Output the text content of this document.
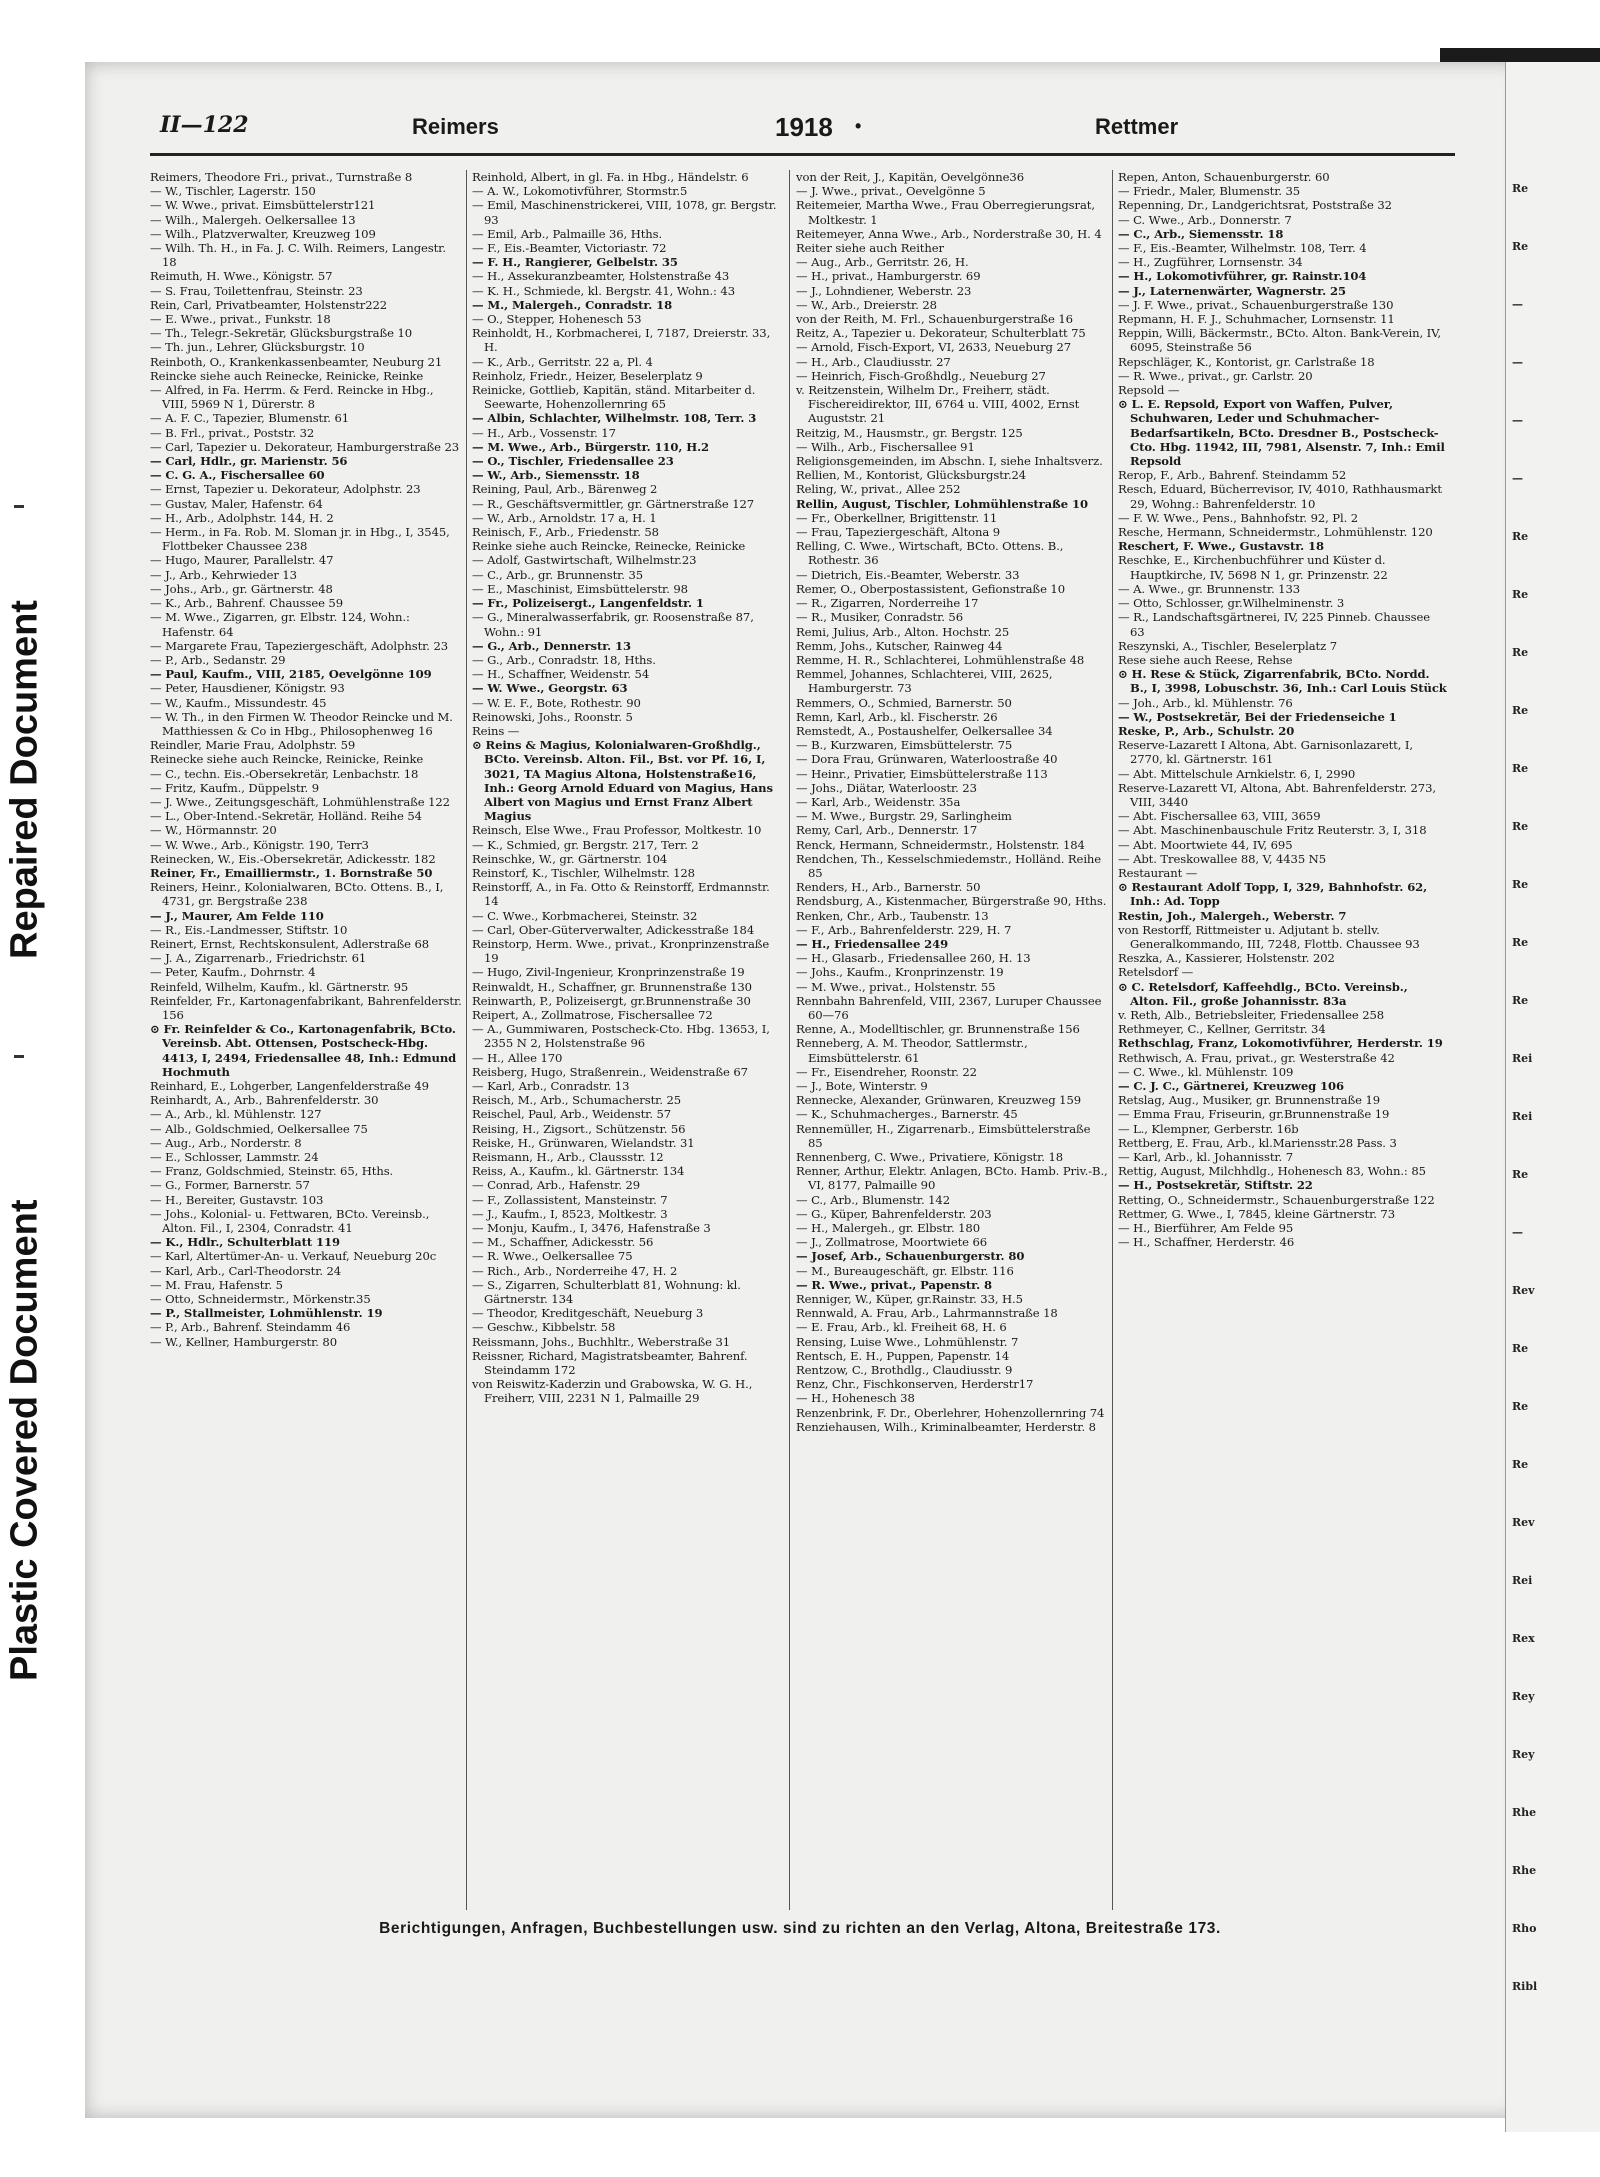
Repaired Document
Plastic Covered Document
Re
Re
—
—
—
—
Re
Re
Re
Re
Re
Re
Re
Re
Re
Rei
Rei
Re
—
Rev
Re
Re
Re
Rev
Rei
Rex
Rey
Rey
Rhe
Rhe
Rho
Ribl
II—122	Reimers	1918 •	Rettmer

Reimers, Theodore Fri., privat., Turnstraße 8

— W., Tischler, Lagerstr. 150

— W. Wwe., privat. Eimsbüttelerstr121

— Wilh., Malergeh. Oelkersallee 13

— Wilh., Platzverwalter, Kreuzweg 109

— Wilh. Th. H., in Fa. J. C. Wilh. Reimers, Langestr. 18

Reimuth, H. Wwe., Königstr. 57

— S. Frau, Toilettenfrau, Steinstr. 23

Rein, Carl, Privatbeamter, Holstenstr222

— E. Wwe., privat., Funkstr. 18

— Th., Telegr.-Sekretär, Glücksburgstraße 10

— Th. jun., Lehrer, Glücksburgstr. 10

Reinboth, O., Krankenkassenbeamter, Neuburg 21

Reincke siehe auch Reinecke, Reinicke, Reinke

— Alfred, in Fa. Herrm. & Ferd. Reincke in Hbg., VIII, 5969 N 1, Dürerstr. 8

— A. F. C., Tapezier, Blumenstr. 61

— B. Frl., privat., Poststr. 32

— Carl, Tapezier u. Dekorateur, Hamburgerstraße 23

— Carl, Hdlr., gr. Marienstr. 56

— C. G. A., Fischersallee 60

— Ernst, Tapezier u. Dekorateur, Adolphstr. 23

— Gustav, Maler, Hafenstr. 64

— H., Arb., Adolphstr. 144, H. 2

— Herm., in Fa. Rob. M. Sloman jr. in Hbg., I, 3545, Flottbeker Chaussee 238

— Hugo, Maurer, Parallelstr. 47

— J., Arb., Kehrwieder 13

— Johs., Arb., gr. Gärtnerstr. 48

— K., Arb., Bahrenf. Chaussee 59

— M. Wwe., Zigarren, gr. Elbstr. 124, Wohn.: Hafenstr. 64

— Margarete Frau, Tapeziergeschäft, Adolphstr. 23

— P., Arb., Sedanstr. 29

— Paul, Kaufm., VIII, 2185, Oevelgönne 109

— Peter, Hausdiener, Königstr. 93

— W., Kaufm., Missundestr. 45

— W. Th., in den Firmen W. Theodor Reincke und M. Matthiessen & Co in Hbg., Philosophenweg 16

Reindler, Marie Frau, Adolphstr. 59

Reinecke siehe auch Reincke, Reinicke, Reinke

— C., techn. Eis.-Obersekretär, Lenbachstr. 18

— Fritz, Kaufm., Düppelstr. 9

— J. Wwe., Zeitungsgeschäft, Lohmühlenstraße 122

— L., Ober-Intend.-Sekretär, Holländ. Reihe 54

— W., Hörmannstr. 20

— W. Wwe., Arb., Königstr. 190, Terr3

Reinecken, W., Eis.-Obersekretär, Adickesstr. 182

Reiner, Fr., Emailliermstr., 1. Bornstraße 50

Reiners, Heinr., Kolonialwaren, BCto. Ottens. B., I, 4731, gr. Bergstraße 238

— J., Maurer, Am Felde 110

— R., Eis.-Landmesser, Stiftstr. 10

Reinert, Ernst, Rechtskonsulent, Adlerstraße 68

— J. A., Zigarrenarb., Friedrichstr. 61

— Peter, Kaufm., Dohrnstr. 4

Reinfeld, Wilhelm, Kaufm., kl. Gärtnerstr. 95

Reinfelder, Fr., Kartonagenfabrikant, Bahrenfelderstr. 156

⊙ Fr. Reinfelder & Co., Kartonagenfabrik, BCto. Vereinsb. Abt. Ottensen, Postscheck-Hbg. 4413, I, 2494, Friedensallee 48, Inh.: Edmund Hochmuth

Reinhard, E., Lohgerber, Langenfelderstraße 49

Reinhardt, A., Arb., Bahrenfelderstr. 30

— A., Arb., kl. Mühlenstr. 127

— Alb., Goldschmied, Oelkersallee 75

— Aug., Arb., Norderstr. 8

— E., Schlosser, Lammstr. 24

— Franz, Goldschmied, Steinstr. 65, Hths.

— G., Former, Barnerstr. 57

— H., Bereiter, Gustavstr. 103

— Johs., Kolonial- u. Fettwaren, BCto. Vereinsb., Alton. Fil., I, 2304, Conradstr. 41

— K., Hdlr., Schulterblatt 119

— Karl, Altertümer-An- u. Verkauf, Neueburg 20c

— Karl, Arb., Carl-Theodorstr. 24

— M. Frau, Hafenstr. 5

— Otto, Schneidermstr., Mörkenstr.35

— P., Stallmeister, Lohmühlenstr. 19

— P., Arb., Bahrenf. Steindamm 46

— W., Kellner, Hamburgerstr. 80

Reinhold, Albert, in gl. Fa. in Hbg., Händelstr. 6

— A. W., Lokomotivführer, Stormstr.5

— Emil, Maschinenstrickerei, VIII, 1078, gr. Bergstr. 93

— Emil, Arb., Palmaille 36, Hths.

— F., Eis.-Beamter, Victoriastr. 72

— F. H., Rangierer, Gelbelstr. 35

— H., Assekuranzbeamter, Holstenstraße 43

— K. H., Schmiede, kl. Bergstr. 41, Wohn.: 43

— M., Malergeh., Conradstr. 18

— O., Stepper, Hohenesch 53

Reinholdt, H., Korbmacherei, I, 7187, Dreierstr. 33, H.

— K., Arb., Gerritstr. 22 a, Pl. 4

Reinholz, Friedr., Heizer, Beselerplatz 9

Reinicke, Gottlieb, Kapitän, ständ. Mitarbeiter d. Seewarte, Hohenzollernring 65

— Albin, Schlachter, Wilhelmstr. 108, Terr. 3

— H., Arb., Vossenstr. 17

— M. Wwe., Arb., Bürgerstr. 110, H.2

— O., Tischler, Friedensallee 23

— W., Arb., Siemensstr. 18

Reining, Paul, Arb., Bärenweg 2

— R., Geschäftsvermittler, gr. Gärtnerstraße 127

— W., Arb., Arnoldstr. 17 a, H. 1

Reinisch, F., Arb., Friedenstr. 58

Reinke siehe auch Reincke, Reinecke, Reinicke

— Adolf, Gastwirtschaft, Wilhelmstr.23

— C., Arb., gr. Brunnenstr. 35

— E., Maschinist, Eimsbüttelerstr. 98

— Fr., Polizeisergt., Langenfeldstr. 1

— G., Mineralwasserfabrik, gr. Roosenstraße 87, Wohn.: 91

— G., Arb., Dennerstr. 13

— G., Arb., Conradstr. 18, Hths.

— H., Schaffner, Weidenstr. 54

— W. Wwe., Georgstr. 63

— W. E. F., Bote, Rothestr. 90

Reinowski, Johs., Roonstr. 5

Reins —

⊙ Reins & Magius, Kolonialwaren-Großhdlg., BCto. Vereinsb. Alton. Fil., Bst. vor Pf. 16, I, 3021, TA Magius Altona, Holstenstraße16, Inh.: Georg Arnold Eduard von Magius, Hans Albert von Magius und Ernst Franz Albert Magius

Reinsch, Else Wwe., Frau Professor, Moltkestr. 10

— K., Schmied, gr. Bergstr. 217, Terr. 2

Reinschke, W., gr. Gärtnerstr. 104

Reinstorf, K., Tischler, Wilhelmstr. 128

Reinstorff, A., in Fa. Otto & Reinstorff, Erdmannstr. 14

— C. Wwe., Korbmacherei, Steinstr. 32

— Carl, Ober-Güterverwalter, Adickesstraße 184

Reinstorp, Herm. Wwe., privat., Kronprinzenstraße 19

— Hugo, Zivil-Ingenieur, Kronprinzenstraße 19

Reinwaldt, H., Schaffner, gr. Brunnenstraße 130

Reinwarth, P., Polizeisergt, gr.Brunnenstraße 30

Reipert, A., Zollmatrose, Fischersallee 72

— A., Gummiwaren, Postscheck-Cto. Hbg. 13653, I, 2355 N 2, Holstenstraße 96

— H., Allee 170

Reisberg, Hugo, Straßenrein., Weidenstraße 67

— Karl, Arb., Conradstr. 13

Reisch, M., Arb., Schumacherstr. 25

Reischel, Paul, Arb., Weidenstr. 57

Reising, H., Zigsort., Schützenstr. 56

Reiske, H., Grünwaren, Wielandstr. 31

Reismann, H., Arb., Claussstr. 12

Reiss, A., Kaufm., kl. Gärtnerstr. 134

— Conrad, Arb., Hafenstr. 29

— F., Zollassistent, Mansteinstr. 7

— J., Kaufm., I, 8523, Moltkestr. 3

— Monju, Kaufm., I, 3476, Hafenstraße 3

— M., Schaffner, Adickesstr. 56

— R. Wwe., Oelkersallee 75

— Rich., Arb., Norderreihe 47, H. 2

— S., Zigarren, Schulterblatt 81, Wohnung: kl. Gärtnerstr. 134

— Theodor, Kreditgeschäft, Neueburg 3

— Geschw., Kibbelstr. 58

Reissmann, Johs., Buchhltr., Weberstraße 31

Reissner, Richard, Magistratsbeamter, Bahrenf. Steindamm 172

von Reiswitz-Kaderzin und Grabowska, W. G. H., Freiherr, VIII, 2231 N 1, Palmaille 29

von der Reit, J., Kapitän, Oevelgönne36

— J. Wwe., privat., Oevelgönne 5

Reitemeier, Martha Wwe., Frau Oberregierungsrat, Moltkestr. 1

Reitemeyer, Anna Wwe., Arb., Norderstraße 30, H. 4

Reiter siehe auch Reither

— Aug., Arb., Gerritstr. 26, H.

— H., privat., Hamburgerstr. 69

— J., Lohndiener, Weberstr. 23

— W., Arb., Dreierstr. 28

von der Reith, M. Frl., Schauenburgerstraße 16

Reitz, A., Tapezier u. Dekorateur, Schulterblatt 75

— Arnold, Fisch-Export, VI, 2633, Neueburg 27

— H., Arb., Claudiusstr. 27

— Heinrich, Fisch-Großhdlg., Neueburg 27

v. Reitzenstein, Wilhelm Dr., Freiherr, städt. Fischereidirektor, III, 6764 u. VIII, 4002, Ernst Auguststr. 21

Reitzig, M., Hausmstr., gr. Bergstr. 125

— Wilh., Arb., Fischersallee 91

Religionsgemeinden, im Abschn. I, siehe Inhaltsverz.

Rellien, M., Kontorist, Glücksburgstr.24

Reling, W., privat., Allee 252

Rellin, August, Tischler, Lohmühlenstraße 10

— Fr., Oberkellner, Brigittenstr. 11

— Frau, Tapeziergeschäft, Altona 9

Relling, C. Wwe., Wirtschaft, BCto. Ottens. B., Rothestr. 36

— Dietrich, Eis.-Beamter, Weberstr. 33

Remer, O., Oberpostassistent, Gefionstraße 10

— R., Zigarren, Norderreihe 17

— R., Musiker, Conradstr. 56

Remi, Julius, Arb., Alton. Hochstr. 25

Remm, Johs., Kutscher, Rainweg 44

Remme, H. R., Schlachterei, Lohmühlenstraße 48

Remmel, Johannes, Schlachterei, VIII, 2625, Hamburgerstr. 73

Remmers, O., Schmied, Barnerstr. 50

Remn, Karl, Arb., kl. Fischerstr. 26

Remstedt, A., Postaushelfer, Oelkersallee 34

— B., Kurzwaren, Eimsbüttelerstr. 75

— Dora Frau, Grünwaren, Waterloostraße 40

— Heinr., Privatier, Eimsbüttelerstraße 113

— Johs., Diätar, Waterloostr. 23

— Karl, Arb., Weidenstr. 35a

— M. Wwe., Burgstr. 29, Sarlingheim

Remy, Carl, Arb., Dennerstr. 17

Renck, Hermann, Schneidermstr., Holstenstr. 184

Rendchen, Th., Kesselschmiedemstr., Holländ. Reihe 85

Renders, H., Arb., Barnerstr. 50

Rendsburg, A., Kistenmacher, Bürgerstraße 90, Hths.

Renken, Chr., Arb., Taubenstr. 13

— F., Arb., Bahrenfelderstr. 229, H. 7

— H., Friedensallee 249

— H., Glasarb., Friedensallee 260, H. 13

— Johs., Kaufm., Kronprinzenstr. 19

— M. Wwe., privat., Holstenstr. 55

Rennbahn Bahrenfeld, VIII, 2367, Luruper Chaussee 60—76

Renne, A., Modelltischler, gr. Brunnenstraße 156

Renneberg, A. M. Theodor, Sattlermstr., Eimsbüttelerstr. 61

— Fr., Eisendreher, Roonstr. 22

— J., Bote, Winterstr. 9

Rennecke, Alexander, Grünwaren, Kreuzweg 159

— K., Schuhmacherges., Barnerstr. 45

Rennemüller, H., Zigarrenarb., Eimsbüttelerstraße 85

Rennenberg, C. Wwe., Privatiere, Königstr. 18

Renner, Arthur, Elektr. Anlagen, BCto. Hamb. Priv.-B., VI, 8177, Palmaille 90

— C., Arb., Blumenstr. 142

— G., Küper, Bahrenfelderstr. 203

— H., Malergeh., gr. Elbstr. 180

— J., Zollmatrose, Moortwiete 66

— Josef, Arb., Schauenburgerstr. 80

— M., Bureaugeschäft, gr. Elbstr. 116

— R. Wwe., privat., Papenstr. 8

Renniger, W., Küper, gr.Rainstr. 33, H.5

Rennwald, A. Frau, Arb., Lahrmannstraße 18

— E. Frau, Arb., kl. Freiheit 68, H. 6

Rensing, Luise Wwe., Lohmühlenstr. 7

Rentsch, E. H., Puppen, Papenstr. 14

Rentzow, C., Brothdlg., Claudiusstr. 9

Renz, Chr., Fischkonserven, Herderstr17

— H., Hohenesch 38

Renzenbrink, F. Dr., Oberlehrer, Hohenzollernring 74

Renziehausen, Wilh., Kriminalbeamter, Herderstr. 8

Repen, Anton, Schauenburgerstr. 60

— Friedr., Maler, Blumenstr. 35

Repenning, Dr., Landgerichtsrat, Poststraße 32

— C. Wwe., Arb., Donnerstr. 7

— C., Arb., Siemensstr. 18

— F., Eis.-Beamter, Wilhelmstr. 108, Terr. 4

— H., Zugführer, Lornsenstr. 34

— H., Lokomotivführer, gr. Rainstr.104

— J., Laternenwärter, Wagnerstr. 25

— J. F. Wwe., privat., Schauenburgerstraße 130

Repmann, H. F. J., Schuhmacher, Lornsenstr. 11

Reppin, Willi, Bäckermstr., BCto. Alton. Bank-Verein, IV, 6095, Steinstraße 56

Repschläger, K., Kontorist, gr. Carlstraße 18

— R. Wwe., privat., gr. Carlstr. 20

Repsold —

⊙ L. E. Repsold, Export von Waffen, Pulver, Schuhwaren, Leder und Schuhmacher-Bedarfsartikeln, BCto. Dresdner B., Postscheck-Cto. Hbg. 11942, III, 7981, Alsenstr. 7, Inh.: Emil Repsold

Rerop, F., Arb., Bahrenf. Steindamm 52

Resch, Eduard, Bücherrevisor, IV, 4010, Rathhausmarkt 29, Wohng.: Bahrenfelderstr. 10

— F. W. Wwe., Pens., Bahnhofstr. 92, Pl. 2

Resche, Hermann, Schneidermstr., Lohmühlenstr. 120

Reschert, F. Wwe., Gustavstr. 18

Reschke, E., Kirchenbuchführer und Küster d. Hauptkirche, IV, 5698 N 1, gr. Prinzenstr. 22

— A. Wwe., gr. Brunnenstr. 133

— Otto, Schlosser, gr.Wilhelminenstr. 3

— R., Landschaftsgärtnerei, IV, 225 Pinneb. Chaussee 63

Reszynski, A., Tischler, Beselerplatz 7

Rese siehe auch Reese, Rehse

⊙ H. Rese & Stück, Zigarrenfabrik, BCto. Nordd. B., I, 3998, Lobuschstr. 36, Inh.: Carl Louis Stück

— Joh., Arb., kl. Mühlenstr. 76

— W., Postsekretär, Bei der Friedenseiche 1

Reske, P., Arb., Schulstr. 20

Reserve-Lazarett I Altona, Abt. Garnisonlazarett, I, 2770, kl. Gärtnerstr. 161

— Abt. Mittelschule Arnkielstr. 6, I, 2990

Reserve-Lazarett VI, Altona, Abt. Bahrenfelderstr. 273, VIII, 3440

— Abt. Fischersallee 63, VIII, 3659

— Abt. Maschinenbauschule Fritz Reuterstr. 3, I, 318

— Abt. Moortwiete 44, IV, 695

— Abt. Treskowallee 88, V, 4435 N5

Restaurant —

⊙ Restaurant Adolf Topp, I, 329, Bahnhofstr. 62, Inh.: Ad. Topp

Restin, Joh., Malergeh., Weberstr. 7

von Restorff, Rittmeister u. Adjutant b. stellv. Generalkommando, III, 7248, Flottb. Chaussee 93

Reszka, A., Kassierer, Holstenstr. 202

Retelsdorf —

⊙ C. Retelsdorf, Kaffeehdlg., BCto. Vereinsb., Alton. Fil., große Johannisstr. 83a

v. Reth, Alb., Betriebsleiter, Friedensallee 258

Rethmeyer, C., Kellner, Gerritstr. 34

Rethschlag, Franz, Lokomotivführer, Herderstr. 19

Rethwisch, A. Frau, privat., gr. Westerstraße 42

— C. Wwe., kl. Mühlenstr. 109

— C. J. C., Gärtnerei, Kreuzweg 106

Retslag, Aug., Musiker, gr. Brunnenstraße 19

— Emma Frau, Friseurin, gr.Brunnenstraße 19

— L., Klempner, Gerberstr. 16b

Rettberg, E. Frau, Arb., kl.Mariensstr.28 Pass. 3

— Karl, Arb., kl. Johannisstr. 7

Rettig, August, Milchhdlg., Hohenesch 83, Wohn.: 85

— H., Postsekretär, Stiftstr. 22

Retting, O., Schneidermstr., Schauenburgerstraße 122

Rettmer, G. Wwe., I, 7845, kleine Gärtnerstr. 73

— H., Bierführer, Am Felde 95

— H., Schaffner, Herderstr. 46

Berichtigungen, Anfragen, Buchbestellungen usw. sind zu richten an den Verlag, Altona, Breitestraße 173.
